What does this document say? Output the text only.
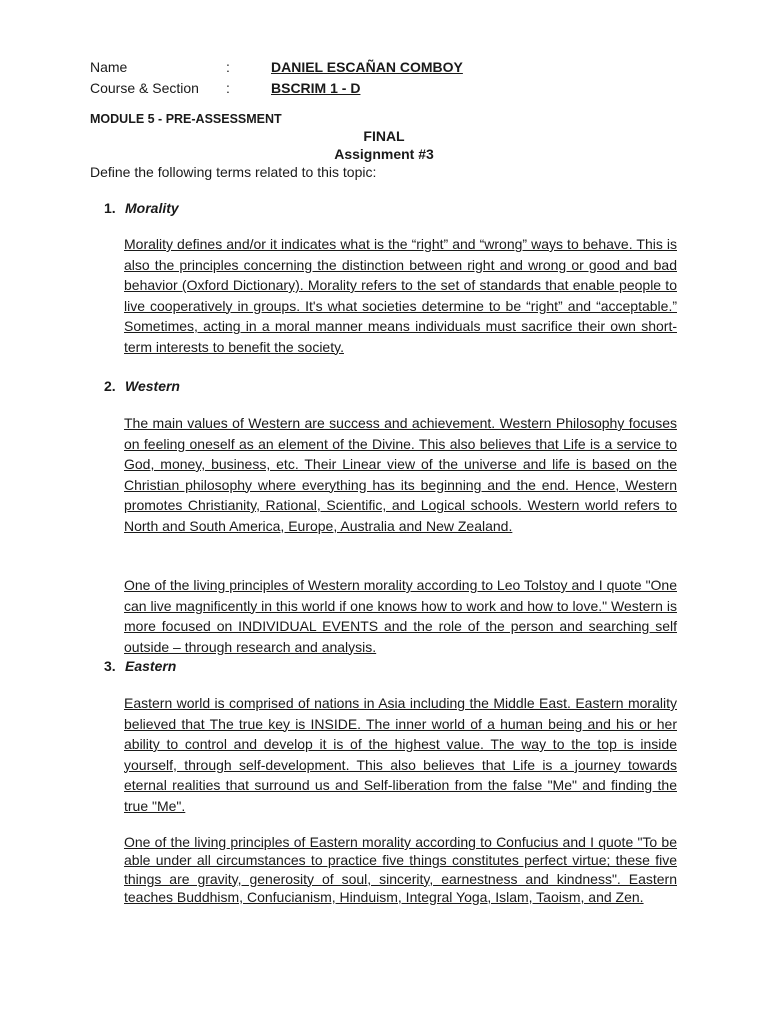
Name	:	DANIEL ESCAÑAN COMBOY
Course & Section :	BSCRIM 1 - D
MODULE 5 - PRE-ASSESSMENT
FINAL
Assignment #3
Define the following terms related to this topic:
1. Morality
Morality defines and/or it indicates what is the “right” and “wrong” ways to behave. This is also the principles concerning the distinction between right and wrong or good and bad behavior (Oxford Dictionary). Morality refers to the set of standards that enable people to live cooperatively in groups. It's what societies determine to be “right” and “acceptable.” Sometimes, acting in a moral manner means individuals must sacrifice their own short-term interests to benefit the society.
2. Western
The main values of Western are success and achievement. Western Philosophy focuses on feeling oneself as an element of the Divine. This also believes that Life is a service to God, money, business, etc. Their Linear view of the universe and life is based on the Christian philosophy where everything has its beginning and the end. Hence, Western promotes Christianity, Rational, Scientific, and Logical schools. Western world refers to North and South America, Europe, Australia and New Zealand.
One of the living principles of Western morality according to Leo Tolstoy and I quote "One can live magnificently in this world if one knows how to work and how to love." Western is more focused on INDIVIDUAL EVENTS and the role of the person and searching self outside – through research and analysis.
3. Eastern
Eastern world is comprised of nations in Asia including the Middle East. Eastern morality believed that The true key is INSIDE. The inner world of a human being and his or her ability to control and develop it is of the highest value. The way to the top is inside yourself, through self-development. This also believes that Life is a journey towards eternal realities that surround us and Self-liberation from the false "Me" and finding the true "Me".
One of the living principles of Eastern morality according to Confucius and I quote "To be able under all circumstances to practice five things constitutes perfect virtue; these five things are gravity, generosity of soul, sincerity, earnestness and kindness". Eastern teaches Buddhism, Confucianism, Hinduism, Integral Yoga, Islam, Taoism, and Zen.
